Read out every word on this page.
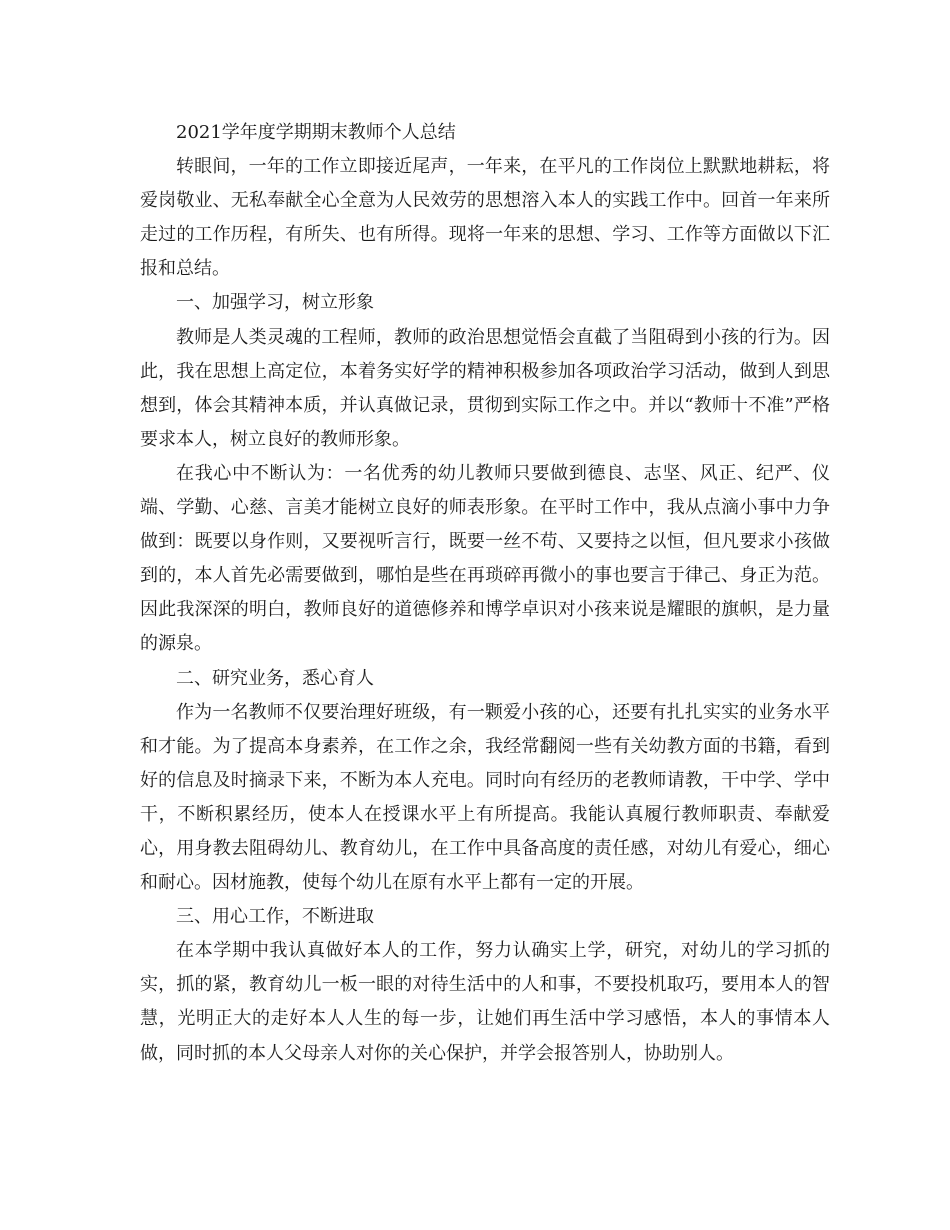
2021学年度学期期末教师个人总结

转眼间，一年的工作立即接近尾声，一年来，在平凡的工作岗位上默默地耕耘，将爱岗敬业、无私奉献全心全意为人民效劳的思想溶入本人的实践工作中。回首一年来所走过的工作历程，有所失、也有所得。现将一年来的思想、学习、工作等方面做以下汇报和总结。

一、加强学习，树立形象

教师是人类灵魂的工程师，教师的政治思想觉悟会直截了当阻碍到小孩的行为。因此，我在思想上高定位，本着务实好学的精神积极参加各项政治学习活动，做到人到思想到，体会其精神本质，并认真做记录，贯彻到实际工作之中。并以“教师十不准”严格要求本人，树立良好的教师形象。

在我心中不断认为：一名优秀的幼儿教师只要做到德良、志坚、风正、纪严、仪端、学勤、心慈、言美才能树立良好的师表形象。在平时工作中，我从点滴小事中力争做到：既要以身作则，又要视听言行，既要一丝不苟、又要持之以恒，但凡要求小孩做到的，本人首先必需要做到，哪怕是些在再琐碎再微小的事也要言于律己、身正为范。因此我深深的明白，教师良好的道德修养和博学卓识对小孩来说是耀眼的旗帜，是力量的源泉。

二、研究业务，悉心育人

作为一名教师不仅要治理好班级，有一颗爱小孩的心，还要有扎扎实实的业务水平和才能。为了提高本身素养，在工作之余，我经常翻阅一些有关幼教方面的书籍，看到好的信息及时摘录下来，不断为本人充电。同时向有经历的老教师请教，干中学、学中干，不断积累经历，使本人在授课水平上有所提高。我能认真履行教师职责、奉献爱心，用身教去阻碍幼儿、教育幼儿，在工作中具备高度的责任感，对幼儿有爱心，细心和耐心。因材施教，使每个幼儿在原有水平上都有一定的开展。

三、用心工作，不断进取

在本学期中我认真做好本人的工作，努力认确实上学，研究，对幼儿的学习抓的实，抓的紧，教育幼儿一板一眼的对待生活中的人和事，不要投机取巧，要用本人的智慧，光明正大的走好本人人生的每一步，让她们再生活中学习感悟，本人的事情本人做，同时抓的本人父母亲人对你的关心保护，并学会报答别人，协助别人。
